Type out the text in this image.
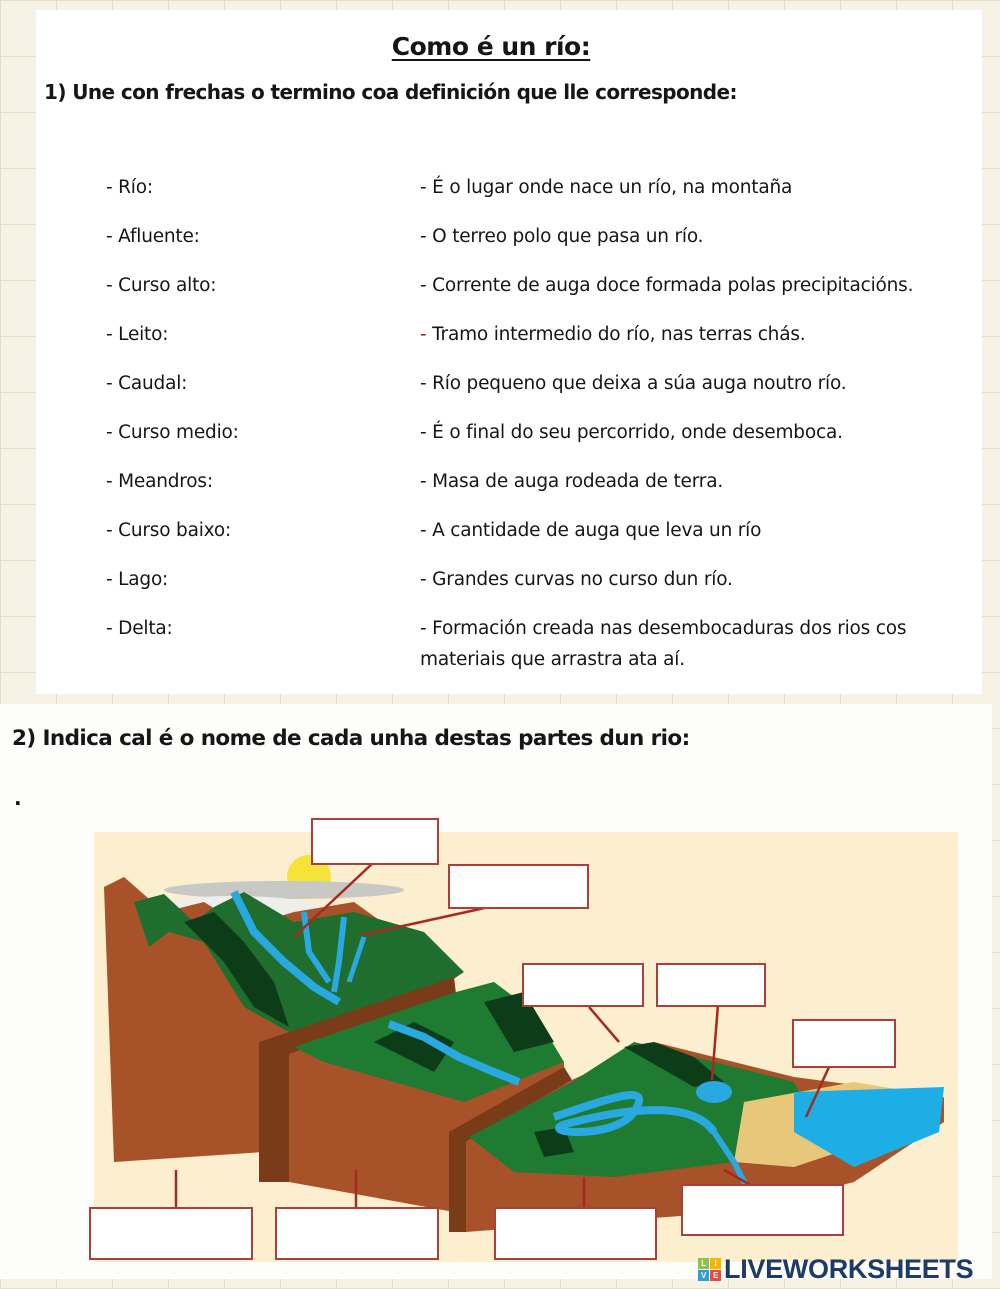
Como é un río:
1) Une con frechas o termino coa definición que lle corresponde:
- Río:
- Afluente:
- Curso alto:
- Leito:
- Caudal:
- Curso medio:
- Meandros:
- Curso baixo:
- Lago:
- Delta:
- É o lugar onde nace un río, na montaña
- O terreo polo que pasa un río.
- Corrente de auga doce formada polas precipitacións.
- Tramo intermedio do río, nas terras chás.
- Río pequeno que deixa a súa auga noutro río.
- É o final do seu percorrido, onde desemboca.
- Masa de auga rodeada de terra.
- A cantidade de auga que leva un río
- Grandes curvas no curso dun río.
- Formación creada nas desembocaduras dos rios cos materiais que arrastra ata aí.
2) Indica cal é o nome de cada unha destas partes dun rio:
.
L	I
V E LIVEWORKSHEETS
